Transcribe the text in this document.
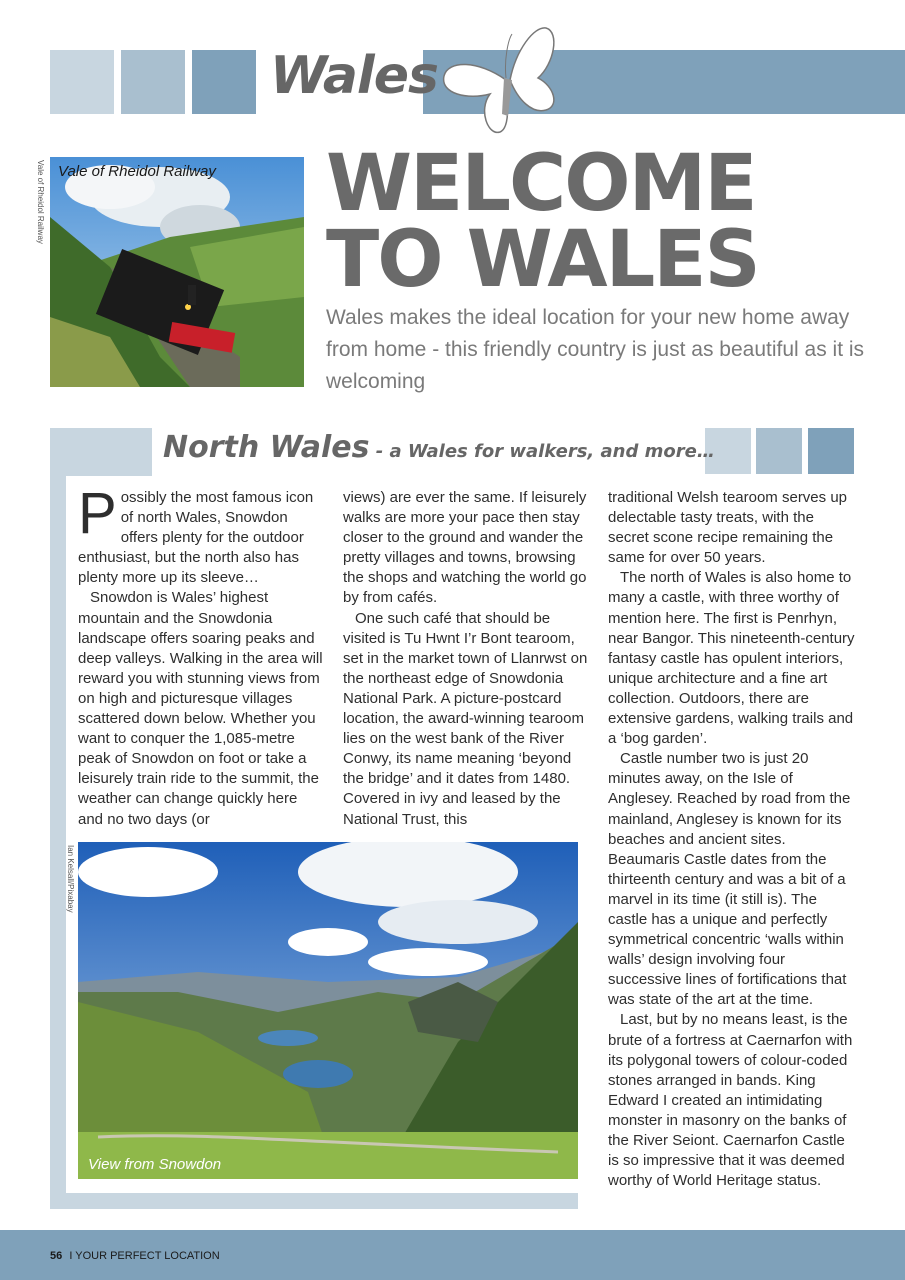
Wales
Vale of Rheidol Railway Vale of Rheidol Railway WELCOME
TO WALES
Wales makes the ideal location for your new home away from home - this friendly country is just as beautiful as it is welcoming
North Wales - a Wales for walkers, and more…

Possibly the most famous icon of north Wales, Snowdon offers plenty for the outdoor enthusiast, but the north also has plenty more up its sleeve…

Snowdon is Wales’ highest mountain and the Snowdonia landscape offers soaring peaks and deep valleys. Walking in the area will reward you with stunning views from on high and picturesque villages scattered down below. Whether you want to conquer the 1,085-metre peak of Snowdon on foot or take a leisurely train ride to the summit, the weather can change quickly here and no two days (or

views) are ever the same. If leisurely walks are more your pace then stay closer to the ground and wander the pretty villages and towns, browsing the shops and watching the world go by from cafés.

One such café that should be visited is Tu Hwnt I’r Bont tearoom, set in the market town of Llanrwst on the northeast edge of Snowdonia National Park. A picture-postcard location, the award-winning tearoom lies on the west bank of the River Conwy, its name meaning ‘beyond the bridge’ and it dates from 1480. Covered in ivy and leased by the National Trust, this

traditional Welsh tearoom serves up delectable tasty treats, with the secret scone recipe remaining the same for over 50 years.

The north of Wales is also home to many a castle, with three worthy of mention here. The first is Penrhyn, near Bangor. This nineteenth-century fantasy castle has opulent interiors, unique architecture and a fine art collection. Outdoors, there are extensive gardens, walking trails and a ‘bog garden’.

Castle number two is just 20 minutes away, on the Isle of Anglesey. Reached by road from the mainland, Anglesey is known for its beaches and ancient sites. Beaumaris Castle dates from the thirteenth century and was a bit of a marvel in its time (it still is). The castle has a unique and perfectly symmetrical concentric ‘walls within walls’ design involving four successive lines of fortifications that was state of the art at the time.

Last, but by no means least, is the brute of a fortress at Caernarfon with its polygonal towers of colour-coded stones arranged in bands. King Edward I created an intimidating monster in masonry on the banks of the River Seiont. Caernarfon Castle is so impressive that it was deemed worthy of World Heritage status.

Ian Kelsall/Pixabay
View from Snowdon
56 I YOUR PERFECT LOCATION
